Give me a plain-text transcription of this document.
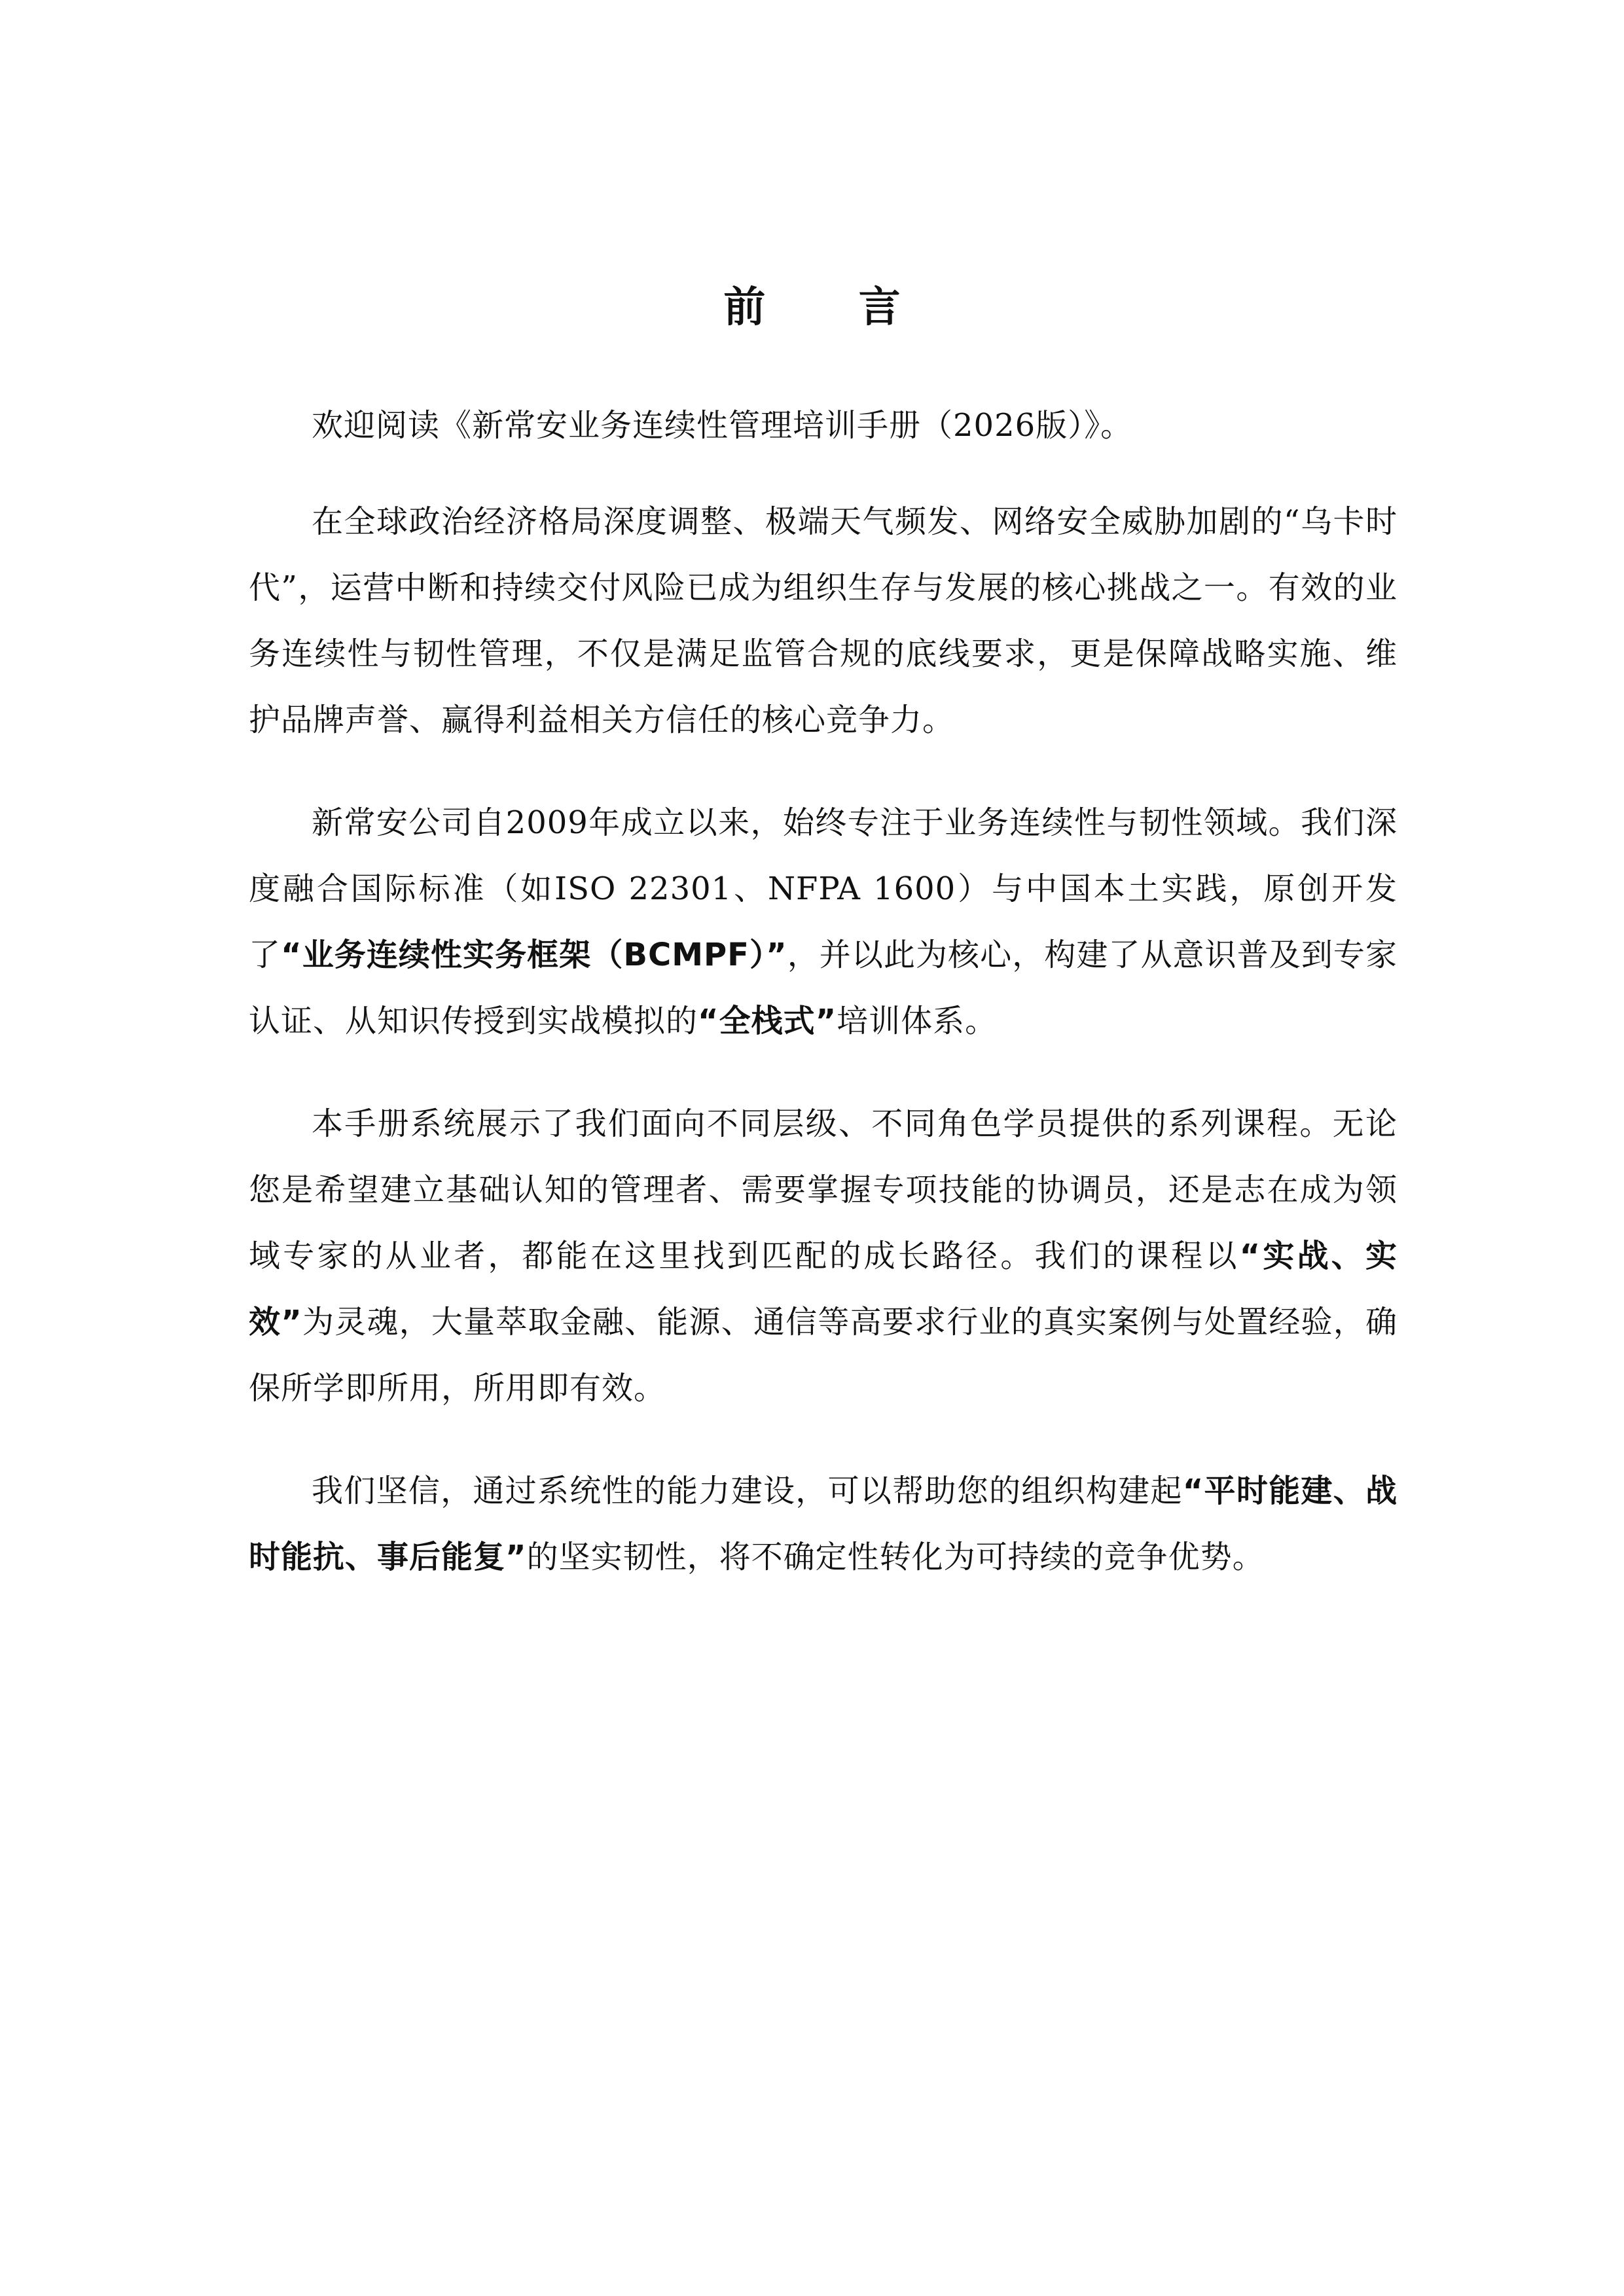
前 言

欢迎阅读《新常安业务连续性管理培训手册（2026版）》。

在全球政治经济格局深度调整、极端天气频发、网络安全威胁加剧的“乌卡时代”，运营中断和持续交付风险已成为组织生存与发展的核心挑战之一。有效的业务连续性与韧性管理，不仅是满足监管合规的底线要求，更是保障战略实施、维护品牌声誉、赢得利益相关方信任的核心竞争力。

新常安公司自2009年成立以来，始终专注于业务连续性与韧性领域。我们深度融合国际标准（如ISO 22301、NFPA 1600）与中国本土实践，原创开发了“业务连续性实务框架（BCMPF）”，并以此为核心，构建了从意识普及到专家认证、从知识传授到实战模拟的“全栈式”培训体系。

本手册系统展示了我们面向不同层级、不同角色学员提供的系列课程。无论您是希望建立基础认知的管理者、需要掌握专项技能的协调员，还是志在成为领域专家的从业者，都能在这里找到匹配的成长路径。我们的课程以“实战、实效”为灵魂，大量萃取金融、能源、通信等高要求行业的真实案例与处置经验，确保所学即所用，所用即有效。

我们坚信，通过系统性的能力建设，可以帮助您的组织构建起“平时能建、战时能抗、事后能复”的坚实韧性，将不确定性转化为可持续的竞争优势。
